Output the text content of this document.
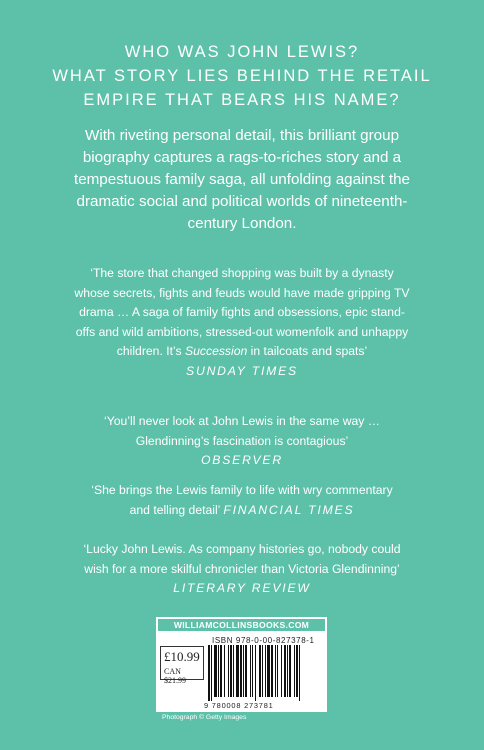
WHO WAS JOHN LEWIS?
WHAT STORY LIES BEHIND THE RETAIL
EMPIRE THAT BEARS HIS NAME?
With riveting personal detail, this brilliant group
biography captures a rags-to-riches story and a
tempestuous family saga, all unfolding against the
dramatic social and political worlds of nineteenth-
century London.
‘The store that changed shopping was built by a dynasty
whose secrets, fights and feuds would have made gripping TV
drama … A saga of family fights and obsessions, epic stand-
offs and wild ambitions, stressed-out womenfolk and unhappy
children. It’s Succession in tailcoats and spats’
SUNDAY TIMES
‘You’ll never look at John Lewis in the same way …
Glendinning’s fascination is contagious’
OBSERVER
‘She brings the Lewis family to life with wry commentary
and telling detail’ FINANCIAL TIMES
‘Lucky John Lewis. As company histories go, nobody could
wish for a more skilful chronicler than Victoria Glendinning’
LITERARY REVIEW
WILLIAMCOLLINSBOOKS.COM
ISBN 978-0-00-827378-1
£10.99
CAN $21.99
9 780008 273781
Photograph © Getty Images
